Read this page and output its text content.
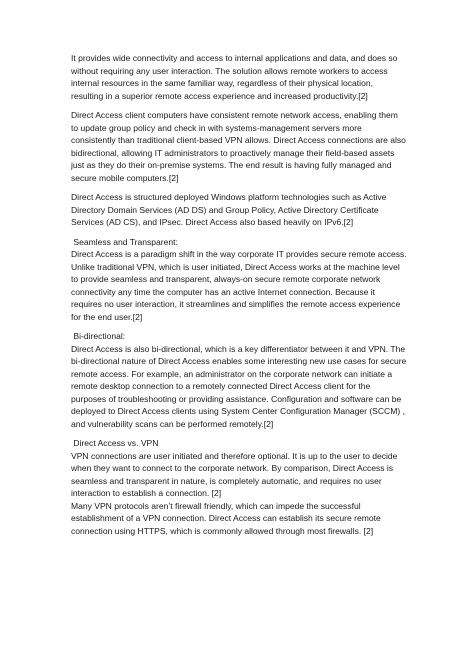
It provides wide connectivity and access to internal applications and data, and does so without requiring any user interaction. The solution allows remote workers to access internal resources in the same familiar way, regardless of their physical location, resulting in a superior remote access experience and increased productivity.[2]

Direct Access client computers have consistent remote network access, enabling them to update group policy and check in with systems-management servers more consistently than traditional client-based VPN allows. Direct Access connections are also bidirectional, allowing IT administrators to proactively manage their field-based assets just as they do their on-premise systems. The end result is having fully managed and secure mobile computers.[2]

Direct Access is structured deployed Windows platform technologies such as Active Directory Domain Services (AD DS) and Group Policy, Active Directory Certificate Services (AD CS), and IPsec. Direct Access also based heavily on IPv6.[2]

Seamless and Transparent:

Direct Access is a paradigm shift in the way corporate IT provides secure remote access. Unlike traditional VPN, which is user initiated, Direct Access works at the machine level to provide seamless and transparent, always-on secure remote corporate network connectivity any time the computer has an active Internet connection. Because it requires no user interaction, it streamlines and simplifies the remote access experience for the end user.[2]

Bi-directional:

Direct Access is also bi-directional, which is a key differentiator between it and VPN. The bi-directional nature of Direct Access enables some interesting new use cases for secure remote access. For example, an administrator on the corporate network can initiate a remote desktop connection to a remotely connected Direct Access client for the purposes of troubleshooting or providing assistance. Configuration and software can be deployed to Direct Access clients using System Center Configuration Manager (SCCM) , and vulnerability scans can be performed remotely.[2]

Direct Access vs. VPN

VPN connections are user initiated and therefore optional. It is up to the user to decide when they want to connect to the corporate network. By comparison, Direct Access is seamless and transparent in nature, is completely automatic, and requires no user interaction to establish a connection. [2]

Many VPN protocols aren’t firewall friendly, which can impede the successful establishment of a VPN connection. Direct Access can establish its secure remote connection using HTTPS, which is commonly allowed through most firewalls. [2]
